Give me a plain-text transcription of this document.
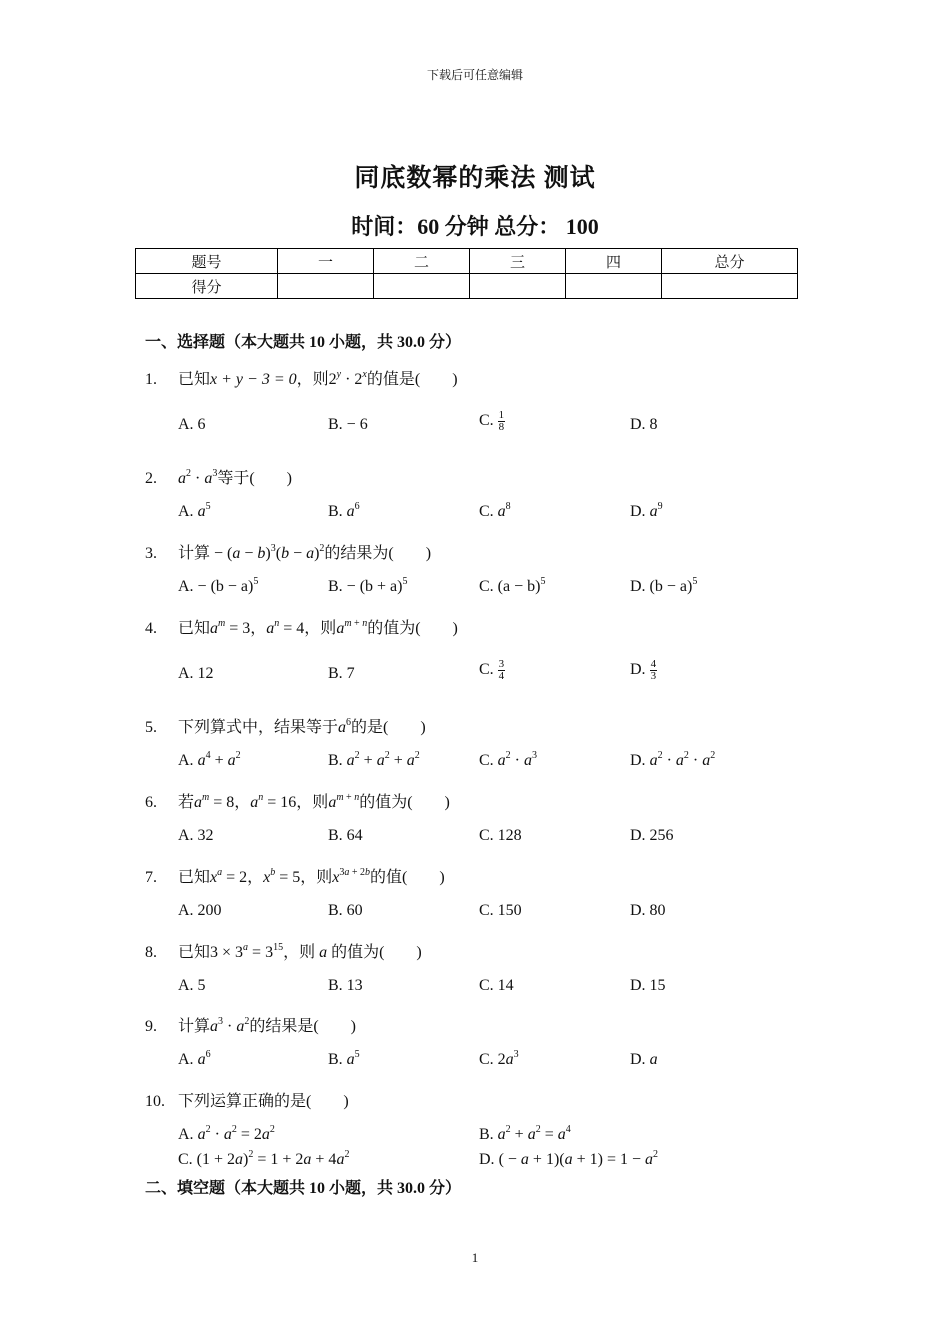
下载后可任意编辑
同底数幂的乘法 测试
时间：60 分钟 总分： 100
题号	一	二	三	四	总分
得分					
一、选择题（本大题共 10 小题，共 30.0 分）
1. 已知x + y − 3 = 0，则$2^y \cdot 2^x$的值是(　　)
A. 6	B. − 6	C. $\frac{1}{8}$	D. 8
2. $a^2 \cdot a^3$等于(　　)
A. $a^5$	B. $a^6$	C. $a^8$	D. $a^9$
3. 计算 − $(a - b)^3(b - a)^2$的结果为(　　)
A. − $(b - a)^5$	B. − $(b + a)^5$	C. $(a - b)^5$	D. $(b - a)^5$
4. 已知$a^m = 3$，$a^n = 4$，则$a^{m + n}$的值为(　　)
A. 12	B. 7	C. $\frac{3}{4}$	D. $\frac{4}{3}$
5. 下列算式中，结果等于$a^6$的是(　　)
A. $a^4 + a^2$	B. $a^2 + a^2 + a^2$	C. $a^2 \cdot a^3$	D. $a^2 \cdot a^2 \cdot a^2$
6. 若$a^m = 8$，$a^n = 16$，则$a^{m + n}$的值为(　　)
A. 32	B. 64	C. 128	D. 256
7. 已知$x^a = 2$，$x^b = 5$，则$x^{3a + 2b}$的值(　　)
A. 200	B. 60	C. 150	D. 80
8. 已知$3 \times 3^a = 3^{15}$，则 a 的值为(　　)
A. 5	B. 13	C. 14	D. 15
9. 计算$a^3 \cdot a^2$的结果是(　　)
A. $a^6$	B. $a^5$	C. $2a^3$	D. a
10. 下列运算正确的是(　　)
A. $a^2 \cdot a^2 = 2a^2$	B. $a^2 + a^2 = a^4$
C. $(1 + 2a)^2 = 1 + 2a + 4a^2$	D. ( − $a + 1)(a + 1) = 1 - a^2$
二、填空题（本大题共 10 小题，共 30.0 分）
1
